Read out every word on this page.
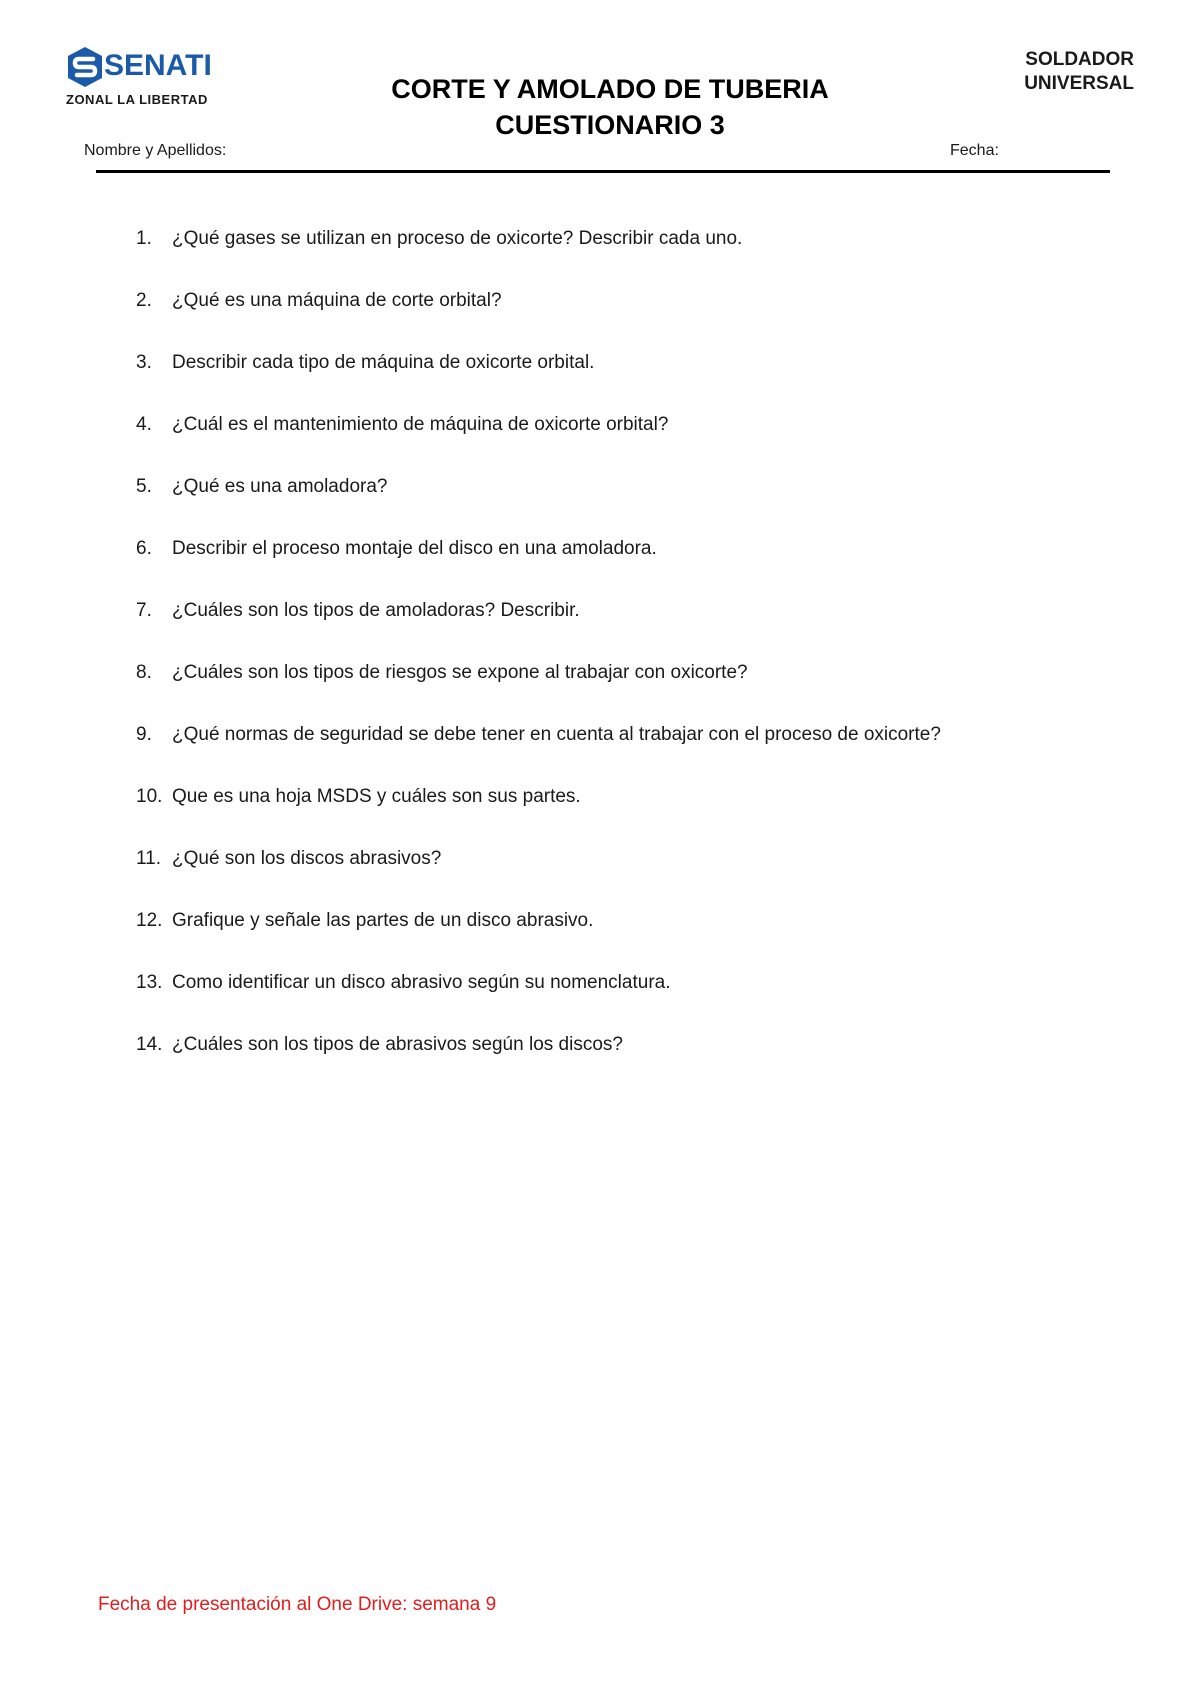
SENATI
ZONAL LA LIBERTAD	CORTE Y AMOLADO DE TUBERIA
CUESTIONARIO 3
SOLDADOR
UNIVERSAL
Nombre y Apellidos:	Fecha:
1. ¿Qué gases se utilizan en proceso de oxicorte? Describir cada uno.
2. ¿Qué es una máquina de corte orbital?
3. Describir cada tipo de máquina de oxicorte orbital.
4. ¿Cuál es el mantenimiento de máquina de oxicorte orbital?
5. ¿Qué es una amoladora?
6. Describir el proceso montaje del disco en una amoladora.
7. ¿Cuáles son los tipos de amoladoras? Describir.
8. ¿Cuáles son los tipos de riesgos se expone al trabajar con oxicorte?
9. ¿Qué normas de seguridad se debe tener en cuenta al trabajar con el proceso de oxicorte?
10. Que es una hoja MSDS y cuáles son sus partes.
11. ¿Qué son los discos abrasivos?
12. Grafique y señale las partes de un disco abrasivo.
13. Como identificar un disco abrasivo según su nomenclatura.
14. ¿Cuáles son los tipos de abrasivos según los discos?
Fecha de presentación al One Drive: semana 9
